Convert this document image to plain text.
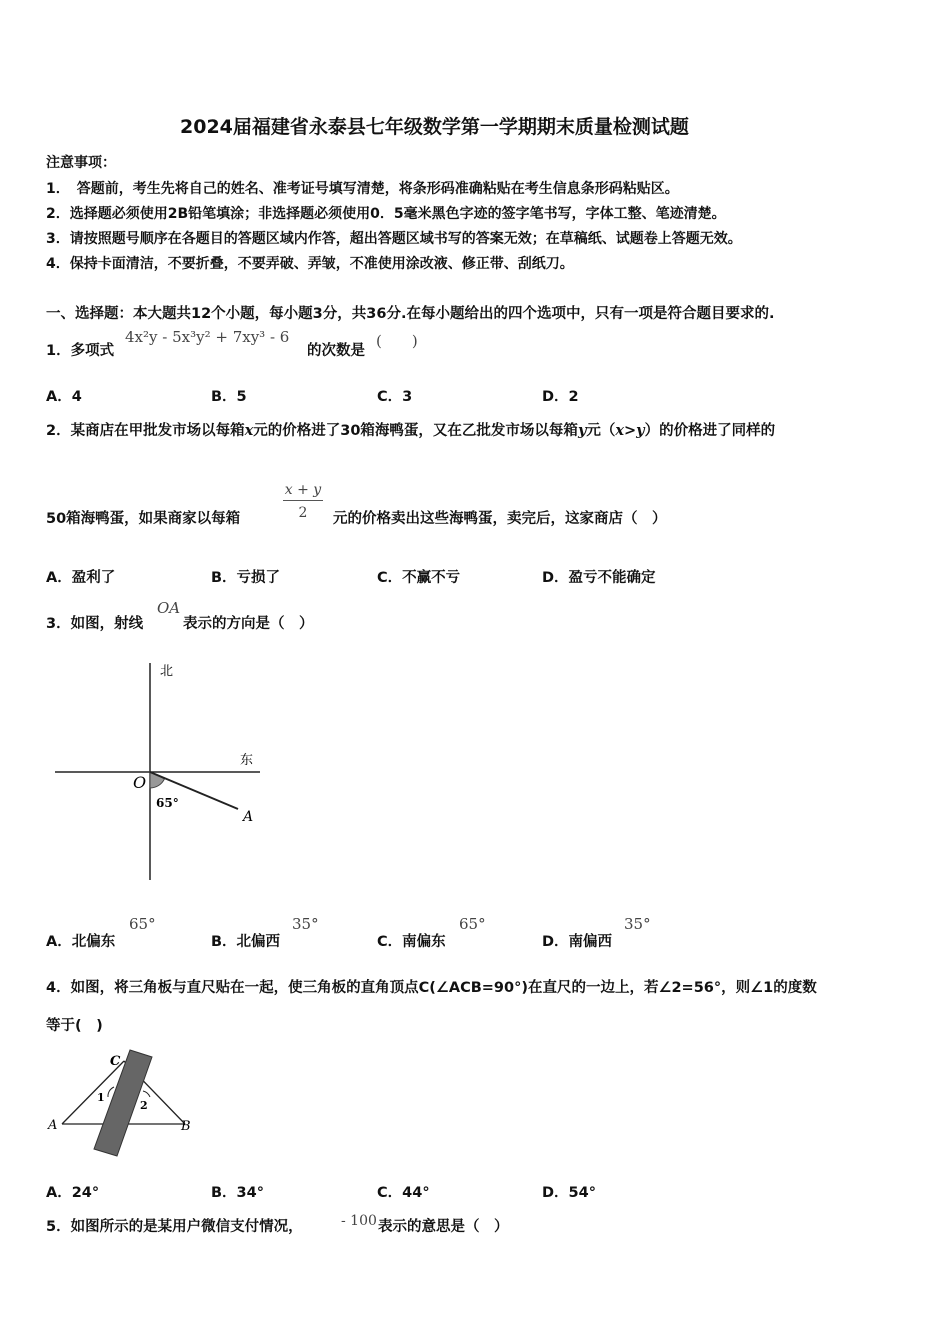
2024届福建省永泰县七年级数学第一学期期末质量检测试题
注意事项：
1．　答题前，考生先将自己的姓名、准考证号填写清楚，将条形码准确粘贴在考生信息条形码粘贴区。
2．选择题必须使用2B铅笔填涂；非选择题必须使用0．5毫米黑色字迹的签字笔书写，字体工整、笔迹清楚。
3．请按照题号顺序在各题目的答题区域内作答，超出答题区域书写的答案无效；在草稿纸、试题卷上答题无效。
4．保持卡面清洁，不要折叠，不要弄破、弄皱，不准使用涂改液、修正带、刮纸刀。
一、选择题：本大题共12个小题，每小题3分，共36分.在每小题给出的四个选项中，只有一项是符合题目要求的.
1．多项式
4x²y - 5x³y² + 7xy³ - 6
的次数是
(　　)
A．4	B．5	C．3	D．2
2．某商店在甲批发市场以每箱x元的价格进了30箱海鸭蛋，又在乙批发市场以每箱y元（x>y）的价格进了同样的
50箱海鸭蛋，如果商家以每箱
x + y
2	元的价格卖出这些海鸭蛋，卖完后，这家商店（　）
A．盈利了	B．亏损了	C．不赢不亏	D．盈亏不能确定
3．如图，射线
OA
表示的方向是（　）
北
东
O
65°
A
A．北偏东
65°
B．北偏西
35°
C．南偏东
65°
D．南偏西
35°
4．如图，将三角板与直尺贴在一起，使三角板的直角顶点C(∠ACB=90°)在直尺的一边上，若∠2=56°，则∠1的度数
等于(　)
C
A	B
1
2
A．24°	B．34°	C．44°	D．54°
5．如图所示的是某用户微信支付情况，	- 100 表示的意思是（　）
